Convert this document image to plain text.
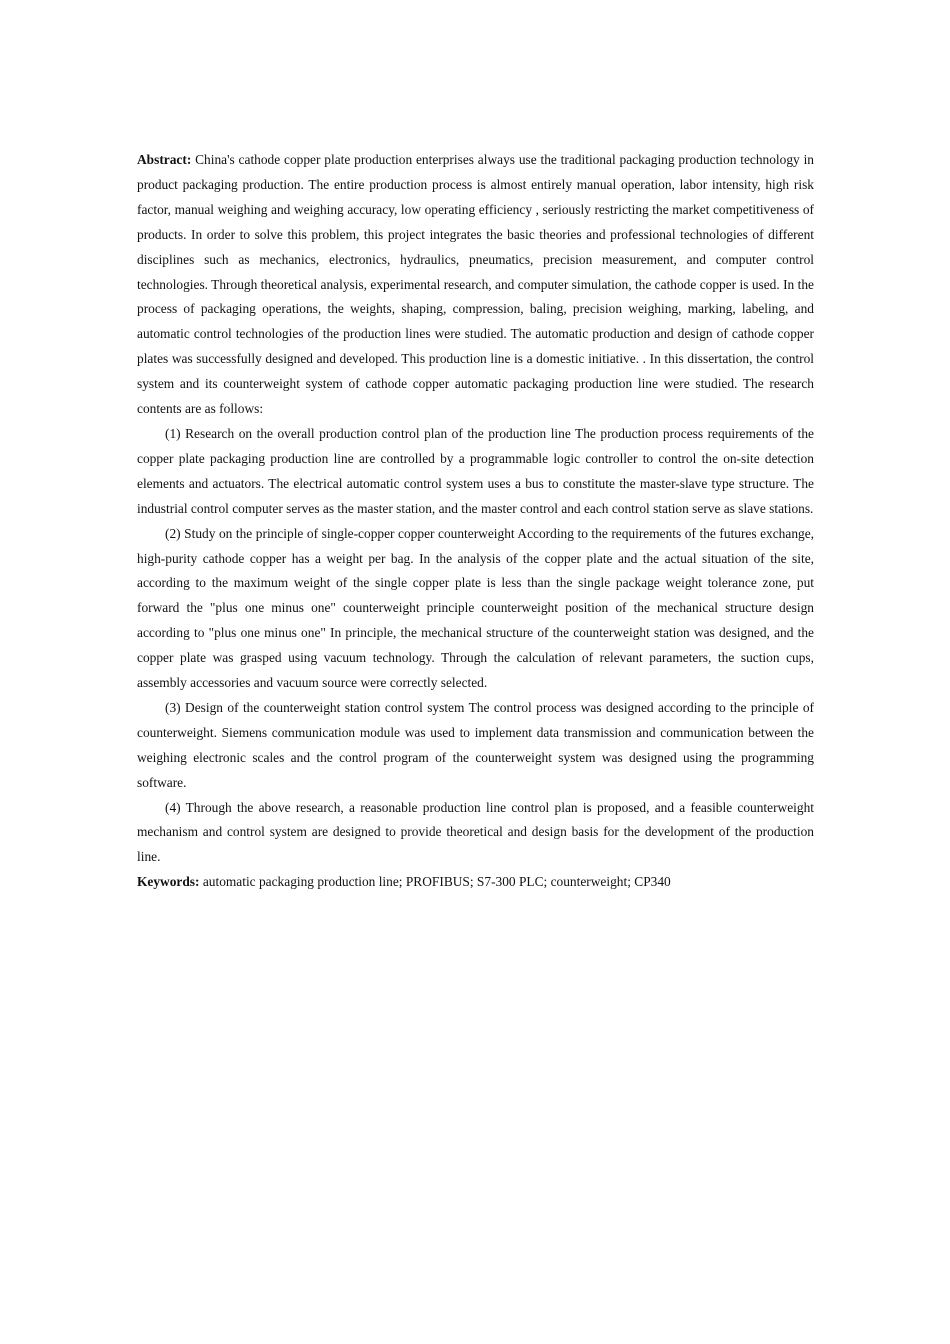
Abstract: China's cathode copper plate production enterprises always use the traditional packaging production technology in product packaging production. The entire production process is almost entirely manual operation, labor intensity, high risk factor, manual weighing and weighing accuracy, low operating efficiency , seriously restricting the market competitiveness of products. In order to solve this problem, this project integrates the basic theories and professional technologies of different disciplines such as mechanics, electronics, hydraulics, pneumatics, precision measurement, and computer control technologies. Through theoretical analysis, experimental research, and computer simulation, the cathode copper is used. In the process of packaging operations, the weights, shaping, compression, baling, precision weighing, marking, labeling, and automatic control technologies of the production lines were studied. The automatic production and design of cathode copper plates was successfully designed and developed. This production line is a domestic initiative. . In this dissertation, the control system and its counterweight system of cathode copper automatic packaging production line were studied. The research contents are as follows:

(1) Research on the overall production control plan of the production line The production process requirements of the copper plate packaging production line are controlled by a programmable logic controller to control the on-site detection elements and actuators. The electrical automatic control system uses a bus to constitute the master-slave type structure. The industrial control computer serves as the master station, and the master control and each control station serve as slave stations.

(2) Study on the principle of single-copper copper counterweight According to the requirements of the futures exchange, high-purity cathode copper has a weight per bag. In the analysis of the copper plate and the actual situation of the site, according to the maximum weight of the single copper plate is less than the single package weight tolerance zone, put forward the "plus one minus one" counterweight principle counterweight position of the mechanical structure design according to "plus one minus one" In principle, the mechanical structure of the counterweight station was designed, and the copper plate was grasped using vacuum technology. Through the calculation of relevant parameters, the suction cups, assembly accessories and vacuum source were correctly selected.

(3) Design of the counterweight station control system The control process was designed according to the principle of counterweight. Siemens communication module was used to implement data transmission and communication between the weighing electronic scales and the control program of the counterweight system was designed using the programming software.

(4) Through the above research, a reasonable production line control plan is proposed, and a feasible counterweight mechanism and control system are designed to provide theoretical and design basis for the development of the production line.

Keywords: automatic packaging production line; PROFIBUS; S7-300 PLC; counterweight; CP340
